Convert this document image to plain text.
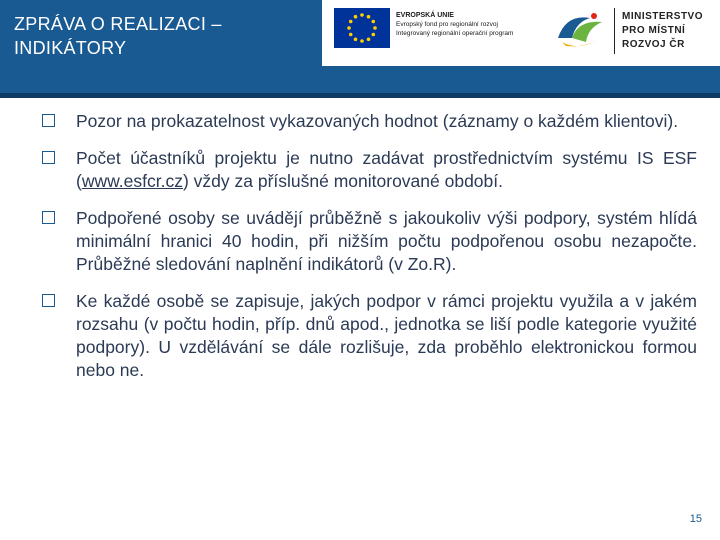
ZPRÁVA O REALIZACI –
INDIKÁTORY
EVROPSKÁ UNIE
Evropský fond pro regionální rozvoj
Integrovaný regionální operační program
MINISTERSTVO
PRO MÍSTNÍ
ROZVOJ ČR

Pozor na prokazatelnost vykazovaných hodnot (záznamy o každém klientovi).

Počet účastníků projektu je nutno zadávat prostřednictvím systému IS ESF (www.esfcr.cz) vždy za příslušné monitorované období.

Podpořené osoby se uvádějí průběžně s jakoukoliv výši podpory, systém hlídá minimální hranici 40 hodin, při nižším počtu podpořenou osobu nezapočte. Průběžné sledování naplnění indikátorů (v Zo.R).

Ke každé osobě se zapisuje, jakých podpor v rámci projektu využila a v jakém rozsahu (v počtu hodin, příp. dnů apod., jednotka se liší podle kategorie využité podpory). U vzdělávání se dále rozlišuje, zda proběhlo elektronickou formou nebo ne.

15
